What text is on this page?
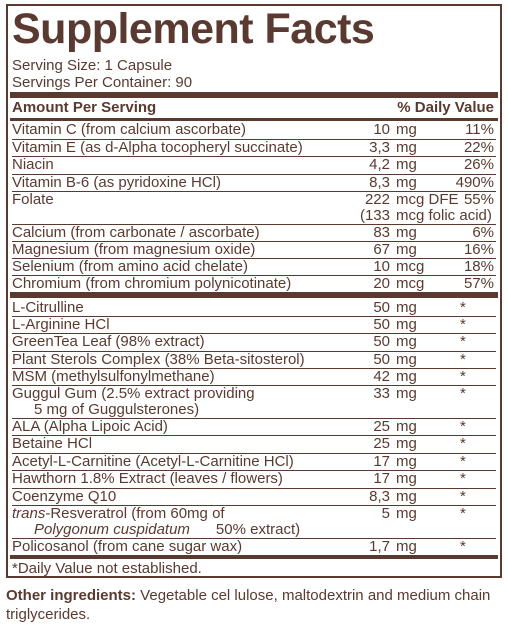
Supplement Facts
Serving Size: 1 Capsule
Servings Per Container: 90
Amount Per Serving	% Daily Value
Vitamin C (from calcium ascorbate)	10 mg	11%
Vitamin E (as d-Alpha tocopheryl succinate)	3,3 mg	22%
Niacin	4,2 mg	26%
Vitamin B-6 (as pyridoxine HCl)	8,3 mg	490%
Folate	222 mcg DFE 55%
(133 mcg folic acid)
Calcium (from carbonate / ascorbate)	83 mg	6%
Magnesium (from magnesium oxide)	67 mg	16%
Selenium (from amino acid chelate)	10 mcg	18%
Chromium (from chromium polynicotinate)	20 mcg	57%
L-Citrulline	50 mg	*
L-Arginine HCl	50 mg	*
GreenTea Leaf (98% extract)	50 mg	*
Plant Sterols Complex (38% Beta-sitosterol)	50 mg	*
MSM (methylsulfonylmethane)	42 mg	*
Guggul Gum (2.5% extract providing
5 mg of Guggulsterones)
33 mg	*
ALA (Alpha Lipoic Acid)	25 mg	*
Betaine HCl	25 mg	*
Acetyl-L-Carnitine (Acetyl-L-Carnitine HCl)	17 mg	*
Hawthorn 1.8% Extract (leaves / flowers)	17 mg	*
Coenzyme Q10	8,3 mg	*
trans-Resveratrol (from 60mg of
Polygonum cuspidatum 50% extract)
5 mg	*
Policosanol (from cane sugar wax)	1,7 mg	*
*Daily Value not established.
Other ingredients: Vegetable cel lulose, maltodextrin and medium chain triglycerides.
